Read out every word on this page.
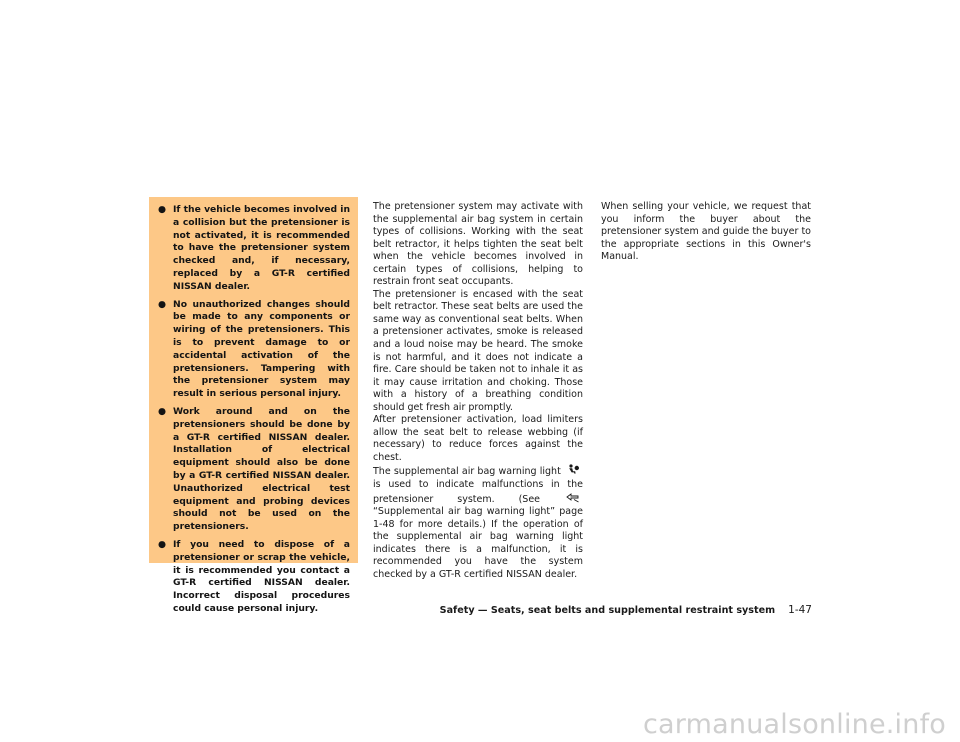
● If the vehicle becomes involved in a collision but the pretensioner is not activated, it is recommended to have the pretensioner system checked and, if necessary, replaced by a GT-R certified NISSAN dealer.
● No unauthorized changes should be made to any components or wiring of the pretensioners. This is to prevent damage to or accidental activation of the pretensioners. Tampering with the pretensioner system may result in serious personal injury.
● Work around and on the pretensioners should be done by a GT-R certified NISSAN dealer. Installation of electrical equipment should also be done by a GT-R certified NISSAN dealer. Unauthorized electrical test equipment and probing devices should not be used on the pretensioners.
● If you need to dispose of a pretensioner or scrap the vehicle, it is recommended you contact a GT-R certified NISSAN dealer. Incorrect disposal procedures could cause personal injury.

The pretensioner system may activate with the supplemental air bag system in certain types of collisions. Working with the seat belt retractor, it helps tighten the seat belt when the vehicle becomes involved in certain types of collisions, helping to restrain front seat occupants.

The pretensioner is encased with the seat belt retractor. These seat belts are used the same way as conventional seat belts. When a pretensioner activates, smoke is released and a loud noise may be heard. The smoke is not harmful, and it does not indicate a fire. Care should be taken not to inhale it as it may cause irritation and choking. Those with a history of a breathing condition should get fresh air promptly.

After pretensioner activation, load limiters allow the seat belt to release webbing (if necessary) to reduce forces against the chest.

The supplemental air bag warning light  is used to indicate malfunctions in the pretensioner system. (See  “Supplemental air bag warning light” page 1-48 for more details.) If the operation of the supplemental air bag warning light indicates there is a malfunction, it is recommended you have the system checked by a GT-R certified NISSAN dealer.

When selling your vehicle, we request that you inform the buyer about the pretensioner system and guide the buyer to the appropriate sections in this Owner's Manual.

Safety — Seats, seat belts and supplemental restraint system 1-47
carmanualsonline.info
